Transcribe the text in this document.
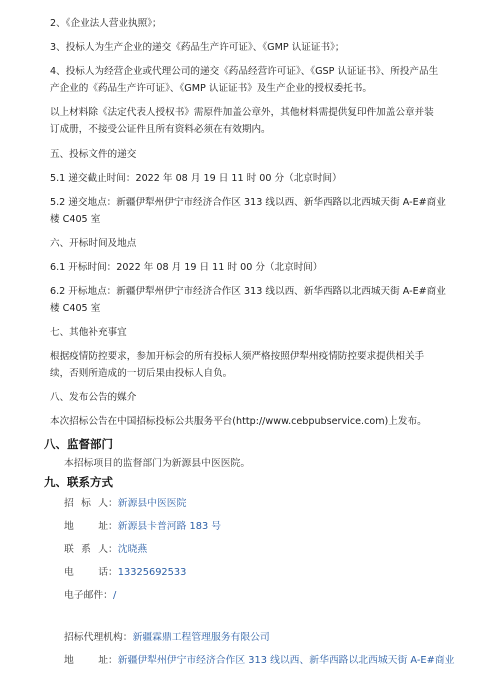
2、《企业法人营业执照》；
3、投标人为生产企业的递交《药品生产许可证》、《GMP 认证证书》；
4、投标人为经营企业或代理公司的递交《药品经营许可证》、《GSP 认证证书》、所投产品生
产企业的《药品生产许可证》、《GMP 认证证书》及生产企业的授权委托书。
以上材料除《法定代表人授权书》需原件加盖公章外，其他材料需提供复印件加盖公章并装
订成册，不接受公证件且所有资料必须在有效期内。
五、投标文件的递交
5.1 递交截止时间：2022 年 08 月 19 日 11 时 00 分（北京时间）
5.2 递交地点：新疆伊犁州伊宁市经济合作区 313 线以西、新华西路以北西城天街 A-E#商业
楼 C405 室
六、开标时间及地点
6.1 开标时间：2022 年 08 月 19 日 11 时 00 分（北京时间）
6.2 开标地点：新疆伊犁州伊宁市经济合作区 313 线以西、新华西路以北西城天街 A-E#商业
楼 C405 室
七、其他补充事宜
根据疫情防控要求，参加开标会的所有投标人须严格按照伊犁州疫情防控要求提供相关手
续，否则所造成的一切后果由投标人自负。
八、发布公告的媒介
本次招标公告在中国招标投标公共服务平台(http://www.cebpubservice.com)上发布。
八、监督部门
本招标项目的监督部门为新源县中医医院。
九、联系方式
招标人：新源县中医医院
地址：新源县卡普河路 183 号
联系人：沈晓燕
电话：13325692533
电子邮件：/
招标代理机构：新疆霖鼎工程管理服务有限公司
地址：新疆伊犁州伊宁市经济合作区 313 线以西、新华西路以北西城天街 A-E#商业
